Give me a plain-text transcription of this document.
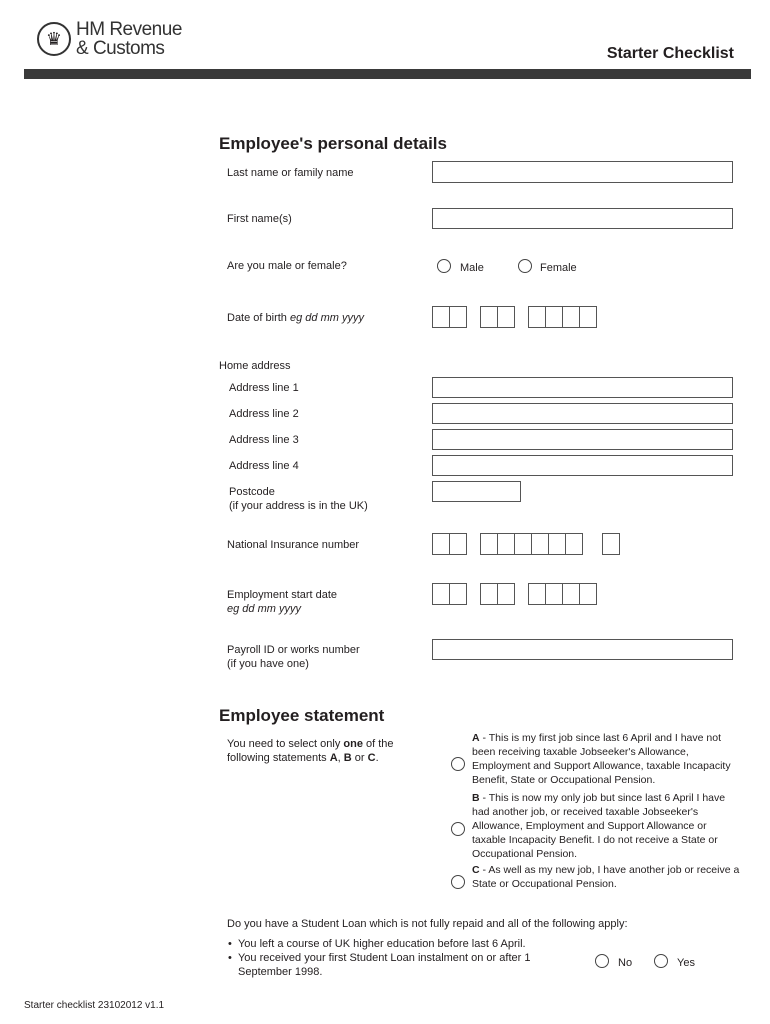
♛ HM Revenue
& Customs	Starter Checklist
Employee's personal details
Last name or family name
First name(s)
Are you male or female?	Male	Female
Date of birth eg dd mm yyyy
Home address
Address line 1
Address line 2
Address line 3
Address line 4
Postcode
(if your address is in the UK)
National Insurance number
Employment start date
eg dd mm yyyy
Payroll ID or works number
(if you have one)
Employee statement
You need to select only one of the following statements A, B or C.
A - This is my first job since last 6 April and I have not been receiving taxable Jobseeker's Allowance, Employment and Support Allowance, taxable Incapacity Benefit, State or Occupational Pension.
B - This is now my only job but since last 6 April I have had another job, or received taxable Jobseeker's Allowance, Employment and Support Allowance or taxable Incapacity Benefit. I do not receive a State or Occupational Pension.
C - As well as my new job, I have another job or receive a State or Occupational Pension.
Do you have a Student Loan which is not fully repaid and all of the following apply:
•  You left a course of UK higher education before last 6 April.
•  You received your first Student Loan instalment on or after 1 September 1998.
No	Yes
Starter checklist 23102012 v1.1
